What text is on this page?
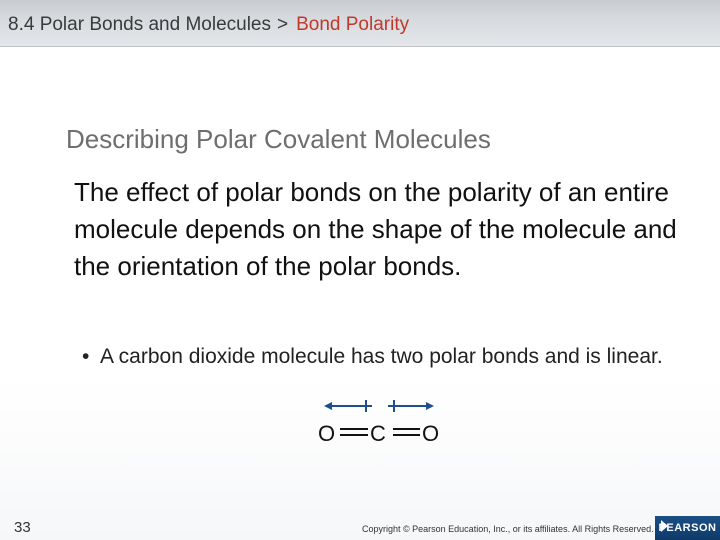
8.4 Polar Bonds and Molecules > Bond Polarity
Describing Polar Covalent Molecules
The effect of polar bonds on the polarity of an entire molecule depends on the shape of the molecule and the orientation of the polar bonds.
• A carbon dioxide molecule has two polar bonds and is linear.
O C O
33	Copyright © Pearson Education, Inc., or its affiliates. All Rights Reserved. PEARSON
